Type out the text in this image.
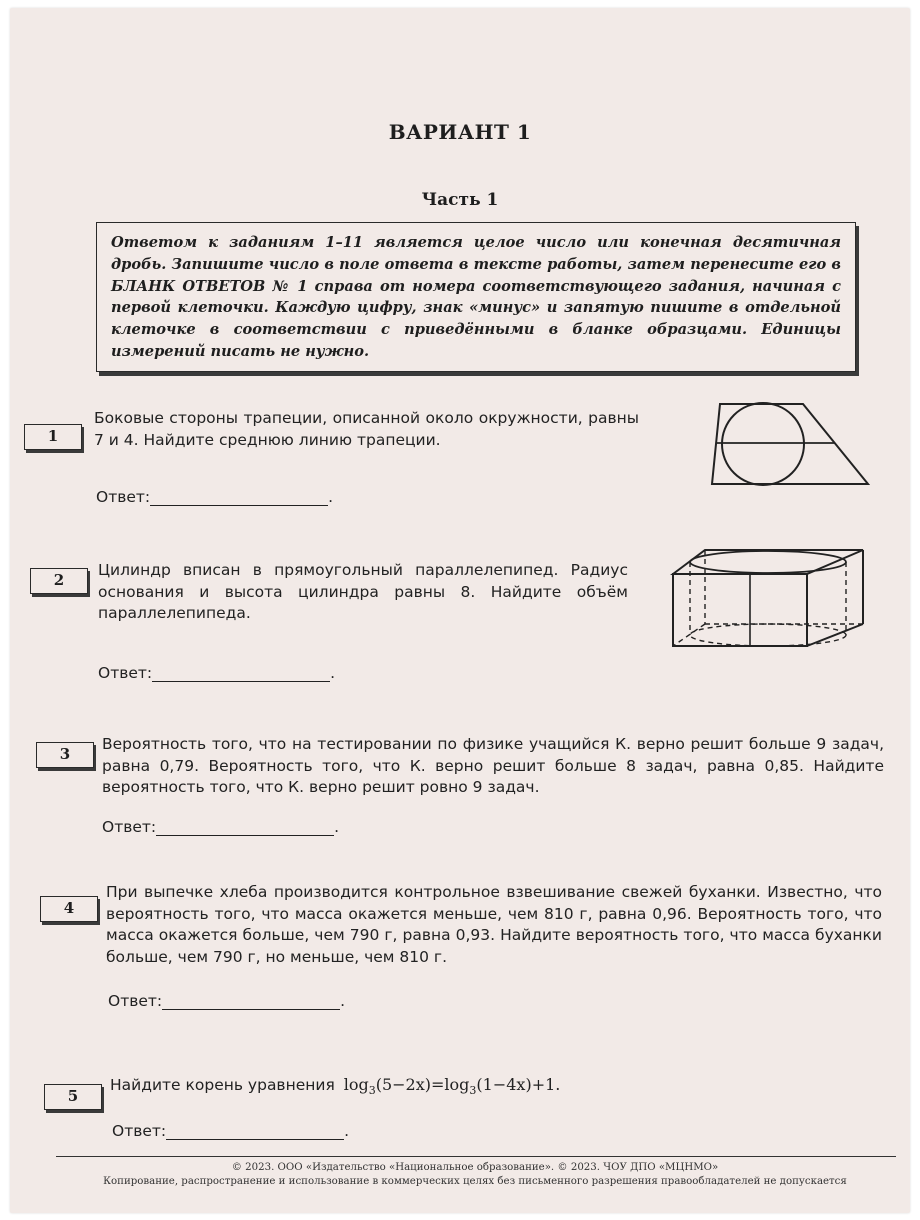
ВАРИАНТ 1
Часть 1
Ответом к заданиям 1–11 является целое число или конечная десятичная дробь. Запишите число в поле ответа в тексте работы, затем перенесите его в БЛАНК ОТВЕТОВ № 1 справа от номера соответствующего задания, начиная с первой клеточки. Каждую цифру, знак «минус» и запятую пишите в отдельной клеточке в соответствии с приведёнными в бланке образцами. Единицы измерений писать не нужно.
1
Боковые стороны трапеции, описанной около окружности, равны 7 и 4. Найдите среднюю линию трапеции.
Ответ:	.
2
Цилиндр вписан в прямоугольный параллелепипед. Радиус основания и высота цилиндра равны 8. Найдите объём параллелепипеда.
Ответ:	.
3
Вероятность того, что на тестировании по физике учащийся К. верно решит больше 9 задач, равна 0,79. Вероятность того, что К. верно решит больше 8 задач, равна 0,85. Найдите вероятность того, что К. верно решит ровно 9 задач.
Ответ:	.
4
При выпечке хлеба производится контрольное взвешивание свежей буханки. Известно, что вероятность того, что масса окажется меньше, чем 810 г, равна 0,96. Вероятность того, что масса окажется больше, чем 790 г, равна 0,93. Найдите вероятность того, что масса буханки больше, чем 790 г, но меньше, чем 810 г.
Ответ:	.
5
Найдите корень уравнения $\log_3(5-2x)=\log_3(1-4x)+1$.
Ответ:	.
© 2023. ООО «Издательство «Национальное образование». © 2023. ЧОУ ДПО «МЦНМО»
Копирование, распространение и использование в коммерческих целях без письменного разрешения правообладателей не допускается
